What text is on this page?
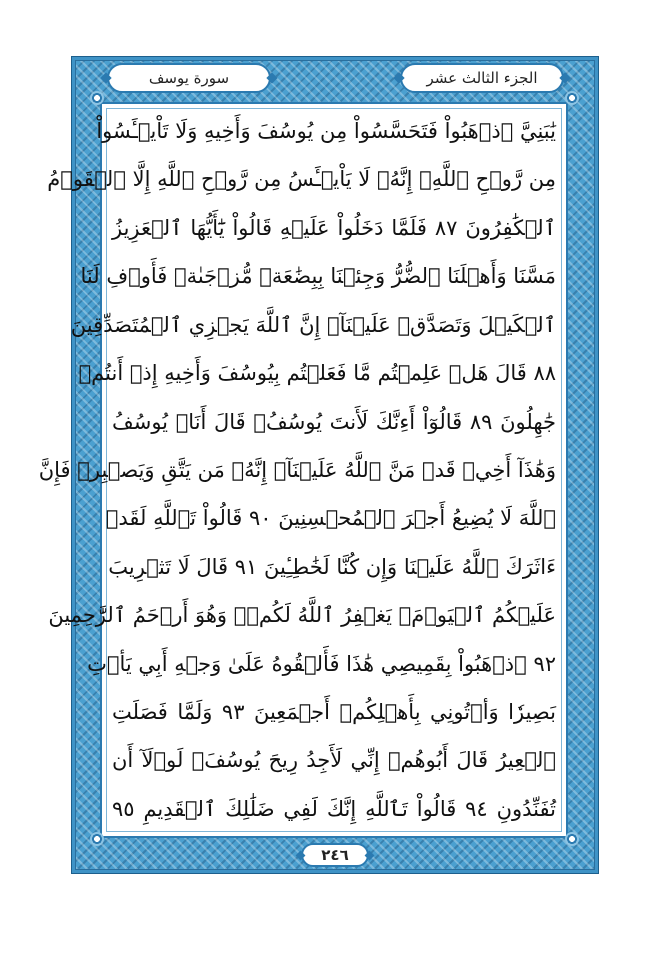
الجزء الثالث عشر
سورة يوسف
يَٰبَنِيَّ ٱذۡهَبُواْ فَتَحَسَّسُواْ مِن يُوسُفَ وَأَخِيهِ وَلَا تَاْيۡـَٔسُواْ
مِن رَّوۡحِ ٱللَّهِۖ إِنَّهُۥ لَا يَاْيۡـَٔسُ مِن رَّوۡحِ ٱللَّهِ إِلَّا ٱلۡقَوۡمُ
ٱلۡكَٰفِرُونَ ٨٧ فَلَمَّا دَخَلُواْ عَلَيۡهِ قَالُواْ يَٰٓأَيُّهَا ٱلۡعَزِيزُ
مَسَّنَا وَأَهۡلَنَا ٱلضُّرُّ وَجِئۡنَا بِبِضَٰعَةٖ مُّزۡجَىٰةٖ فَأَوۡفِ لَنَا
ٱلۡكَيۡلَ وَتَصَدَّقۡ عَلَيۡنَآۖ إِنَّ ٱللَّهَ يَجۡزِي ٱلۡمُتَصَدِّقِينَ
٨٨ قَالَ هَلۡ عَلِمۡتُم مَّا فَعَلۡتُم بِيُوسُفَ وَأَخِيهِ إِذۡ أَنتُمۡ
جَٰهِلُونَ ٨٩ قَالُوٓاْ أَءِنَّكَ لَأَنتَ يُوسُفُۖ قَالَ أَنَا۠ يُوسُفُ
وَهَٰذَآ أَخِيۖ قَدۡ مَنَّ ٱللَّهُ عَلَيۡنَآۖ إِنَّهُۥ مَن يَتَّقِ وَيَصۡبِرۡ فَإِنَّ
ٱللَّهَ لَا يُضِيعُ أَجۡرَ ٱلۡمُحۡسِنِينَ ٩٠ قَالُواْ تَٱللَّهِ لَقَدۡ
ءَاثَرَكَ ٱللَّهُ عَلَيۡنَا وَإِن كُنَّا لَخَٰطِـِٔينَ ٩١ قَالَ لَا تَثۡرِيبَ
عَلَيۡكُمُ ٱلۡيَوۡمَۖ يَغۡفِرُ ٱللَّهُ لَكُمۡۖ وَهُوَ أَرۡحَمُ ٱلرَّٰحِمِينَ
٩٢ ٱذۡهَبُواْ بِقَمِيصِي هَٰذَا فَأَلۡقُوهُ عَلَىٰ وَجۡهِ أَبِي يَأۡتِ
بَصِيرٗا وَأۡتُونِي بِأَهۡلِكُمۡ أَجۡمَعِينَ ٩٣ وَلَمَّا فَصَلَتِ
ٱلۡعِيرُ قَالَ أَبُوهُمۡ إِنِّي لَأَجِدُ رِيحَ يُوسُفَۖ لَوۡلَآ أَن
تُفَنِّدُونِ ٩٤ قَالُواْ تَٱللَّهِ إِنَّكَ لَفِي ضَلَٰلِكَ ٱلۡقَدِيمِ ٩٥
٢٤٦
